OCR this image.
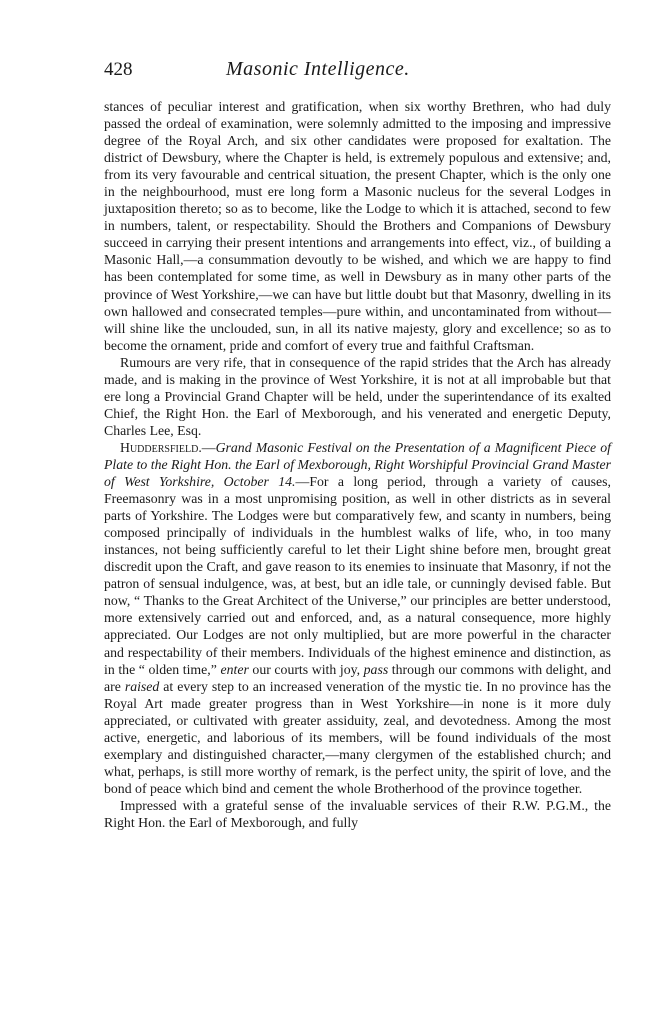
428	Masonic Intelligence.

stances of peculiar interest and gratification, when six worthy Brethren, who had duly passed the ordeal of examination, were solemnly admitted to the imposing and impressive degree of the Royal Arch, and six other candidates were proposed for exaltation. The district of Dewsbury, where the Chapter is held, is extremely populous and extensive; and, from its very favourable and centrical situation, the present Chapter, which is the only one in the neighbourhood, must ere long form a Masonic nucleus for the several Lodges in juxtaposition thereto; so as to become, like the Lodge to which it is attached, second to few in numbers, talent, or respectability. Should the Brothers and Companions of Dewsbury succeed in carrying their present intentions and arrangements into effect, viz., of building a Masonic Hall,—a consummation devoutly to be wished, and which we are happy to find has been contemplated for some time, as well in Dewsbury as in many other parts of the province of West Yorkshire,—we can have but little doubt but that Masonry, dwelling in its own hallowed and consecrated temples—pure within, and uncontaminated from without—will shine like the unclouded, sun, in all its native majesty, glory and excellence; so as to become the ornament, pride and comfort of every true and faithful Craftsman.

Rumours are very rife, that in consequence of the rapid strides that the Arch has already made, and is making in the province of West Yorkshire, it is not at all improbable but that ere long a Provincial Grand Chapter will be held, under the superintendance of its exalted Chief, the Right Hon. the Earl of Mexborough, and his venerated and energetic Deputy, Charles Lee, Esq.

Huddersfield.—Grand Masonic Festival on the Presentation of a Magnificent Piece of Plate to the Right Hon. the Earl of Mexborough, Right Worshipful Provincial Grand Master of West Yorkshire, October 14.—For a long period, through a variety of causes, Freemasonry was in a most unpromising position, as well in other districts as in several parts of Yorkshire. The Lodges were but comparatively few, and scanty in numbers, being composed principally of individuals in the humblest walks of life, who, in too many instances, not being sufficiently careful to let their Light shine before men, brought great discredit upon the Craft, and gave reason to its enemies to insinuate that Masonry, if not the patron of sensual indulgence, was, at best, but an idle tale, or cunningly devised fable. But now, “ Thanks to the Great Architect of the Universe,” our principles are better understood, more extensively carried out and enforced, and, as a natural consequence, more highly appreciated. Our Lodges are not only multiplied, but are more powerful in the character and respectability of their members. Individuals of the highest eminence and distinction, as in the “ olden time,” enter our courts with joy, pass through our commons with delight, and are raised at every step to an increased veneration of the mystic tie. In no province has the Royal Art made greater progress than in West Yorkshire—in none is it more duly appreciated, or cultivated with greater assiduity, zeal, and devotedness. Among the most active, energetic, and laborious of its members, will be found individuals of the most exemplary and distinguished character,—many clergymen of the established church; and what, perhaps, is still more worthy of remark, is the perfect unity, the spirit of love, and the bond of peace which bind and cement the whole Brotherhood of the province together.

Impressed with a grateful sense of the invaluable services of their R.W. P.G.M., the Right Hon. the Earl of Mexborough, and fully
